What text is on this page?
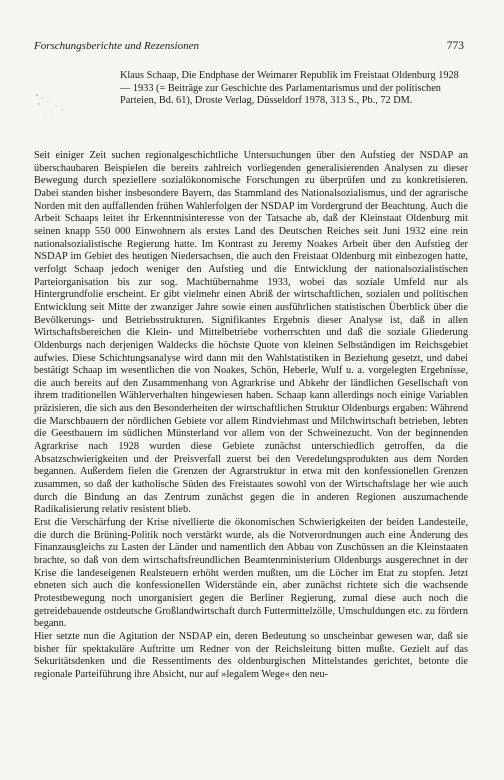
Forschungsberichte und Rezensionen	773

Klaus Schaap, Die Endphase der Weimarer Republik im Freistaat Oldenburg 1928 — 1933 (= Beiträge zur Geschichte des Parlamentarismus und der politischen Parteien, Bd. 61), Droste Verlag, Düsseldorf 1978, 313 S., Pb., 72 DM.

Seit einiger Zeit suchen regionalgeschichtliche Untersuchungen über den Aufstieg der NSDAP an überschaubaren Beispielen die bereits zahlreich vorliegenden generalisierenden Analysen zu dieser Bewegung durch speziellere sozialökonomische Forschungen zu überprüfen und zu konkretisieren. Dabei standen bisher insbesondere Bayern, das Stammland des Nationalsozialismus, und der agrarische Norden mit den auffallenden frühen Wahlerfolgen der NSDAP im Vordergrund der Beachtung. Auch die Arbeit Schaaps leitet ihr Erkenntnisinteresse von der Tatsache ab, daß der Kleinstaat Oldenburg mit seinen knapp 550 000 Einwohnern als erstes Land des Deutschen Reiches seit Juni 1932 eine rein nationalsozialistische Regierung hatte. Im Kontrast zu Jeremy Noakes Arbeit über den Aufstieg der NSDAP im Gebiet des heutigen Niedersachsen, die auch den Freistaat Oldenburg mit einbezogen hatte, verfolgt Schaap jedoch weniger den Aufstieg und die Entwicklung der nationalsozialistischen Parteiorganisation bis zur sog. Machtübernahme 1933, wobei das soziale Umfeld nur als Hintergrundfolie erscheint. Er gibt vielmehr einen Abriß der wirtschaftlichen, sozialen und politischen Entwicklung seit Mitte der zwanziger Jahre sowie einen ausführlichen statistischen Überblick über die Bevölkerungs- und Betriebsstrukturen. Signifikantes Ergebnis dieser Analyse ist, daß in allen Wirtschaftsbereichen die Klein- und Mittelbetriebe vorherrschten und daß die soziale Gliederung Oldenburgs nach derjenigen Waldecks die höchste Quote von kleinen Selbständigen im Reichsgebiet aufwies. Diese Schichtungsanalyse wird dann mit den Wahlstatistiken in Beziehung gesetzt, und dabei bestätigt Schaap im wesentlichen die von Noakes, Schön, Heberle, Wulf u. a. vorgelegten Ergebnisse, die auch bereits auf den Zusammenhang von Agrarkrise und Abkehr der ländlichen Gesellschaft von ihrem traditionellen Wählerverhalten hingewiesen haben. Schaap kann allerdings noch einige Variablen präzisieren, die sich aus den Besonderheiten der wirtschaftlichen Struktur Oldenburgs ergaben: Während die Marschbauern der nördlichen Gebiete vor allem Rindviehmast und Milchwirtschaft betrieben, lebten die Geestbauern im südlichen Münsterland vor allem von der Schweinezucht. Von der beginnenden Agrarkrise nach 1928 wurden diese Gebiete zunächst unterschiedlich getroffen, da die Absatzschwierigkeiten und der Preisverfall zuerst bei den Veredelungsprodukten aus dem Norden begannen. Außerdem fielen die Grenzen der Agrarstruktur in etwa mit den konfessionellen Grenzen zusammen, so daß der katholische Süden des Freistaates sowohl von der Wirtschaftslage her wie auch durch die Bindung an das Zentrum zunächst gegen die in anderen Regionen auszumachende Radikalisierung relativ resistent blieb.

Erst die Verschärfung der Krise nivellierte die ökonomischen Schwierigkeiten der beiden Landesteile, die durch die Brüning-Politik noch verstärkt wurde, als die Notverordnungen auch eine Änderung des Finanzausgleichs zu Lasten der Länder und namentlich den Abbau von Zuschüssen an die Kleinstaaten brachte, so daß von dem wirtschaftsfreundlichen Beamtenministerium Oldenburgs ausgerechnet in der Krise die landeseigenen Realsteuern erhöht werden mußten, um die Löcher im Etat zu stopfen. Jetzt ebneten sich auch die konfessionellen Widerstände ein, aber zunächst richtete sich die wachsende Protestbewegung noch unorganisiert gegen die Berliner Regierung, zumal diese auch noch die getreidebauende ostdeutsche Großlandwirtschaft durch Futtermittelzölle, Umschuldungen etc. zu fördern begann.

Hier setzte nun die Agitation der NSDAP ein, deren Bedeutung so unscheinbar gewesen war, daß sie bisher für spektakuläre Auftritte um Redner von der Reichsleitung bitten mußte. Gezielt auf das Sekuritätsdenken und die Ressentiments des oldenburgischen Mittelstandes gerichtet, betonte die regionale Parteiführung ihre Absicht, nur auf »legalem Wege« den neu-
